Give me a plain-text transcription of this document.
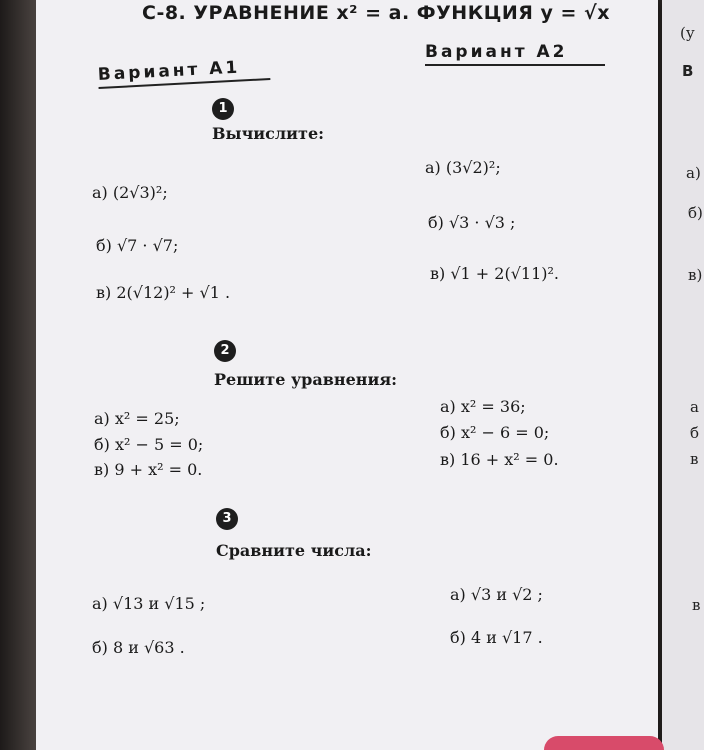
С-8. УРАВНЕНИЕ x² = a. ФУНКЦИЯ y = √x
Вариант А1
Вариант А2
1
Вычислите:
а) (2√3)²;
б) √7 · √7;
в) 2(√12)² + √1 .
а) (3√2)²;
б) √3 · √3 ;
в) √1 + 2(√11)².
2
Решите уравнения:
а) x² = 25;
б) x² − 5 = 0;
в) 9 + x² = 0.
а) x² = 36;
б) x² − 6 = 0;
в) 16 + x² = 0.
3
Сравните числа:
а) √13 и √15 ;
б) 8 и √63 .
а) √3 и √2 ;
б) 4 и √17 .
(у
В
а)
б)
в)
а
б
в
в
